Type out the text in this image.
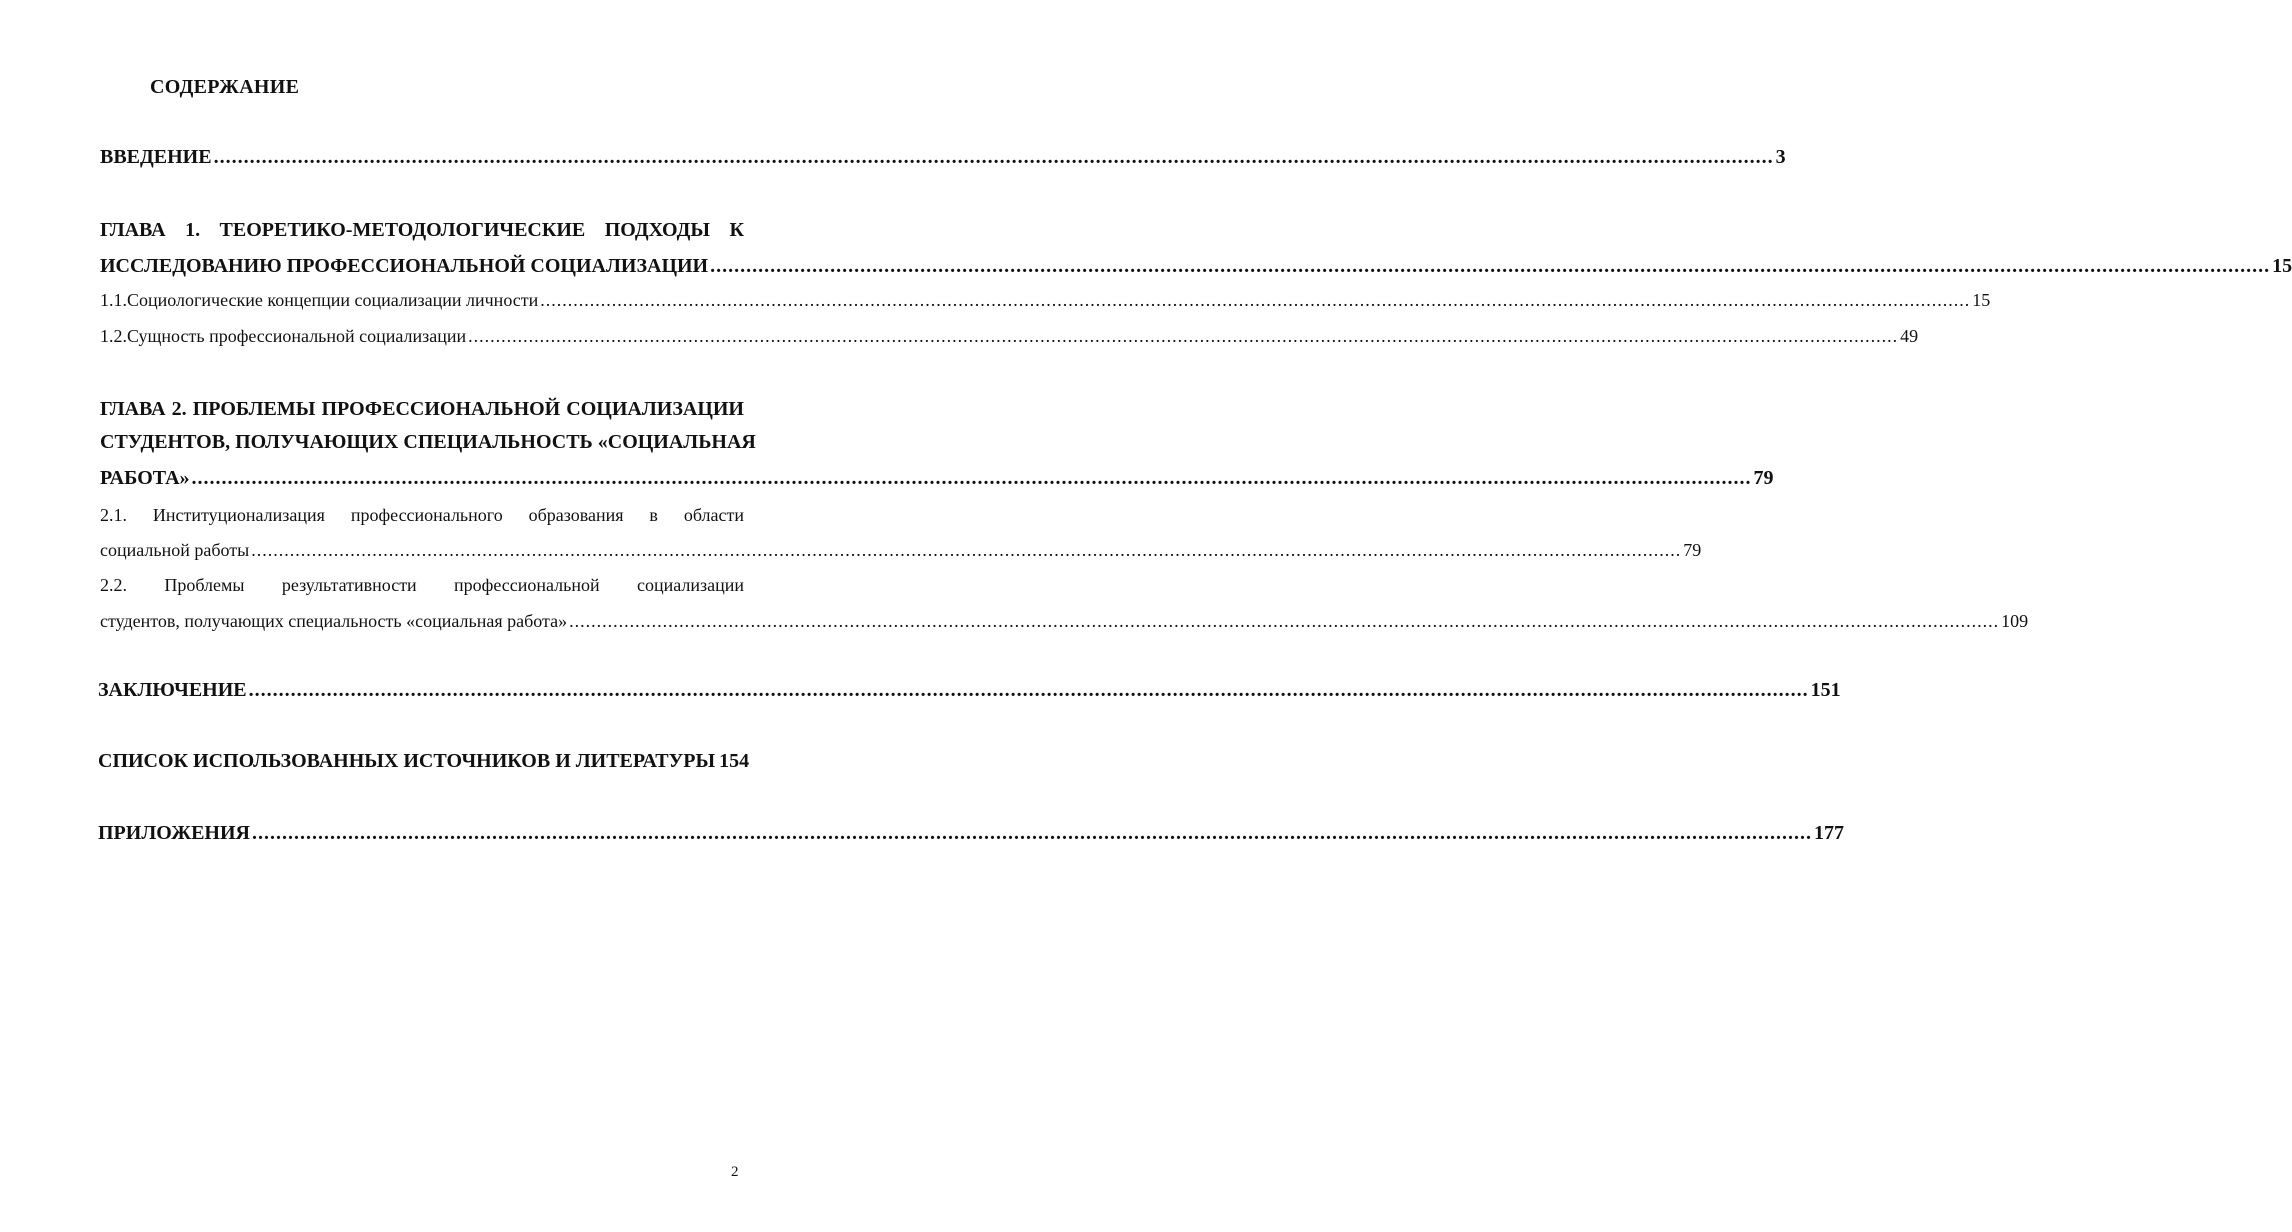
СОДЕРЖАНИЕ
ВВЕДЕНИЕ .....	3
ГЛАВА 1. ТЕОРЕТИКО-МЕТОДОЛОГИЧЕСКИЕ ПОДХОДЫ К
ИССЛЕДОВАНИЮ ПРОФЕССИОНАЛЬНОЙ СОЦИАЛИЗАЦИИ .....	15
1.1. Социологические концепции социализации личности .....	15
1.2. Сущность профессиональной социализации .....	49
ГЛАВА 2. ПРОБЛЕМЫ ПРОФЕССИОНАЛЬНОЙ СОЦИАЛИЗАЦИИ
СТУДЕНТОВ, ПОЛУЧАЮЩИХ СПЕЦИАЛЬНОСТЬ «СОЦИАЛЬНАЯ
РАБОТА» .....	79
2.1. Институционализация профессионального образования в области
социальной работы .....	79
2.2. Проблемы результативности профессиональной социализации
студентов, получающих специальность «социальная работа» .....	109
ЗАКЛЮЧЕНИЕ .....	151
СПИСОК ИСПОЛЬЗОВАННЫХ ИСТОЧНИКОВ И ЛИТЕРАТУРЫ 154
ПРИЛОЖЕНИЯ .....	177
2
